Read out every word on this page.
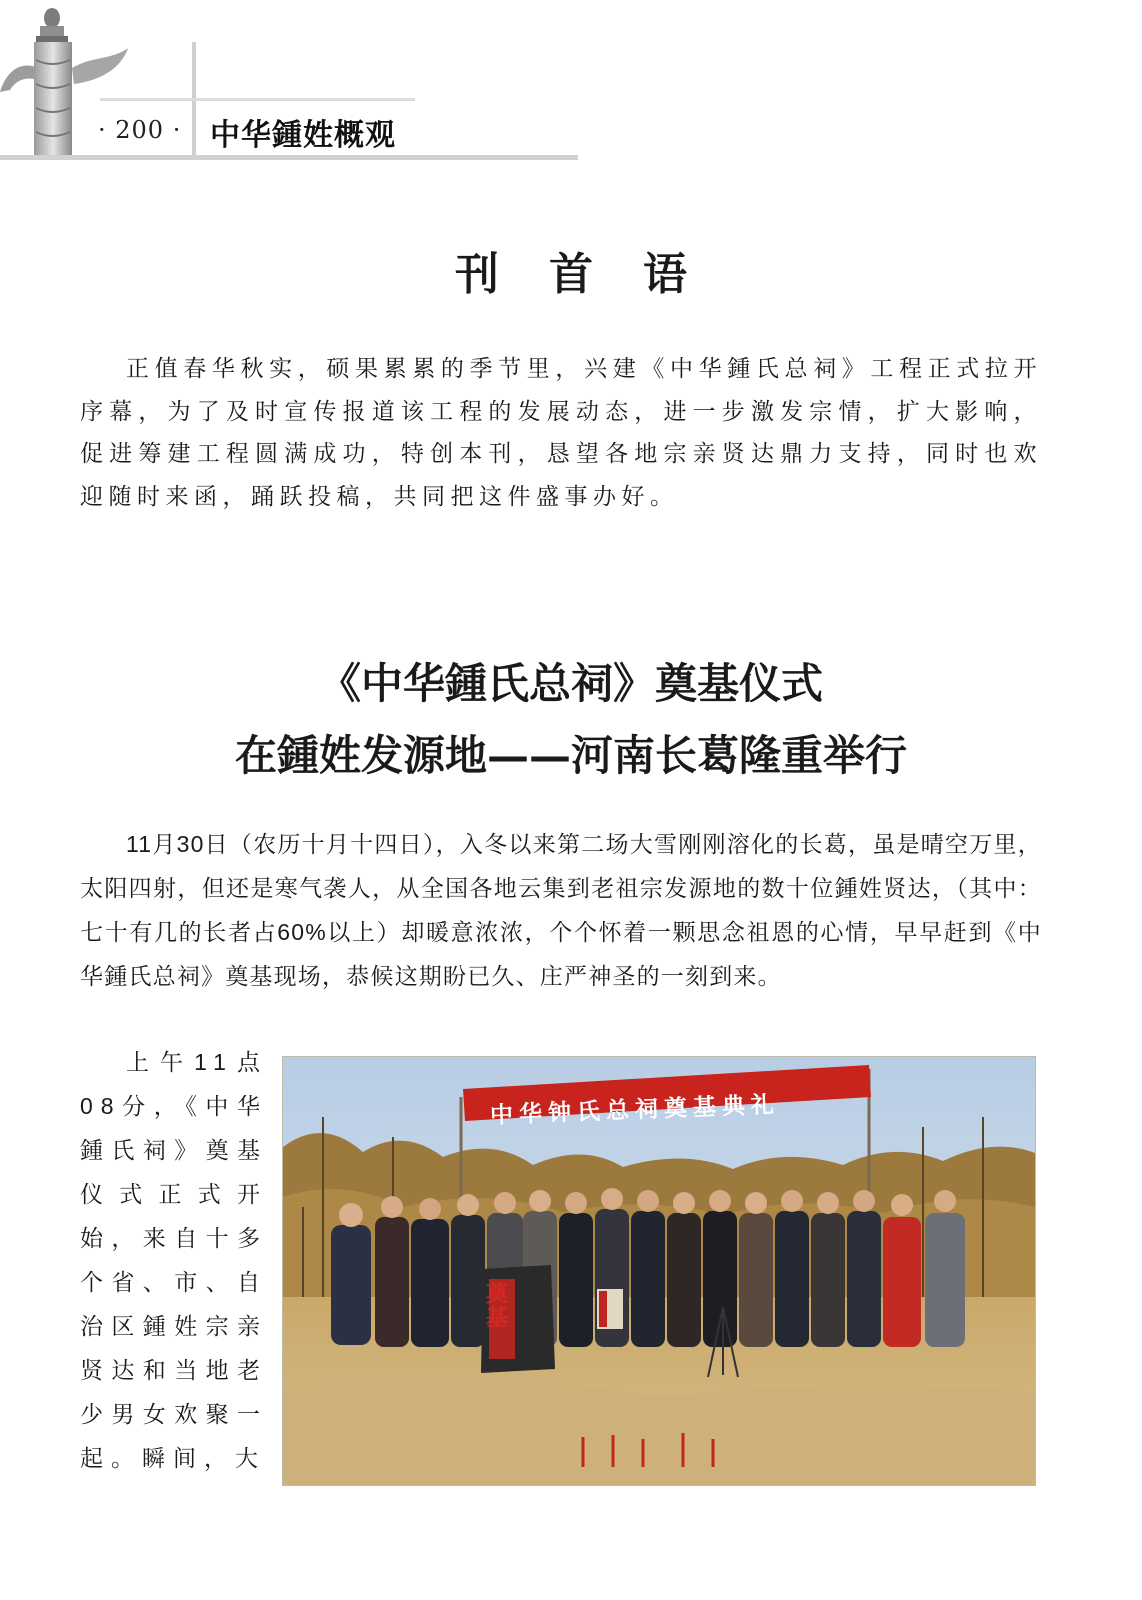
· 200 · 中华鍾姓概观
刊首语

正值春华秋实，硕果累累的季节里，兴建《中华鍾氏总祠》工程正式拉开序幕，为了及时宣传报道该工程的发展动态，进一步激发宗情，扩大影响，促进筹建工程圆满成功，特创本刊，恳望各地宗亲贤达鼎力支持，同时也欢迎随时来函，踊跃投稿，共同把这件盛事办好。

《中华鍾氏总祠》奠基仪式
在鍾姓发源地——河南长葛隆重举行

11月30日（农历十月十四日），入冬以来第二场大雪刚刚溶化的长葛，虽是晴空万里，太阳四射，但还是寒气袭人，从全国各地云集到老祖宗发源地的数十位鍾姓贤达，（其中：七十有几的长者占60%以上）却暖意浓浓，个个怀着一颗思念祖恩的心情，早早赶到《中华鍾氏总祠》奠基现场，恭候这期盼已久、庄严神圣的一刻到来。

上午11点08分，《中华鍾氏祠》奠基仪式正式开始，来自十多个省、市、自治区鍾姓宗亲贤达和当地老少男女欢聚一起。瞬间，大

中华钟氏总祠奠基典礼
奠基
